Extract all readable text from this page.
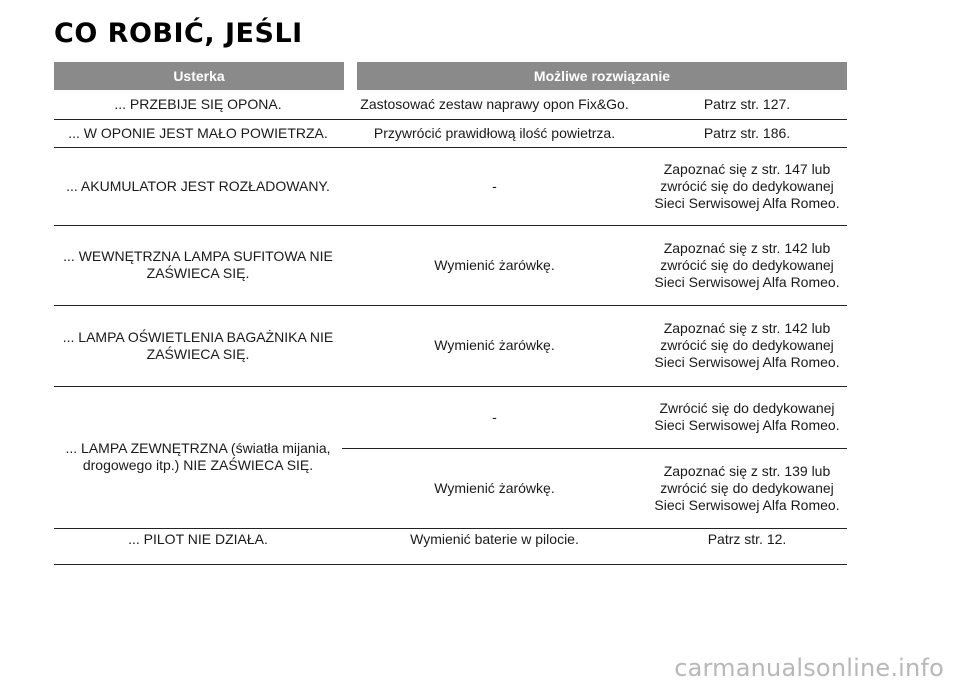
CO ROBIĆ, JEŚLI
Usterka	Możliwe rozwiązanie
... PRZEBIJE SIĘ OPONA.	Zastosować zestaw naprawy opon Fix&Go.	Patrz str. 127.
... W OPONIE JEST MAŁO POWIETRZA.	Przywrócić prawidłową ilość powietrza.	Patrz str. 186.
... AKUMULATOR JEST ROZŁADOWANY.	-	Zapoznać się z str. 147 lub zwrócić się do dedykowanej Sieci Serwisowej Alfa Romeo.
... WEWNĘTRZNA LAMPA SUFITOWA NIE ZAŚWIECA SIĘ.	Wymienić żarówkę.	Zapoznać się z str. 142 lub zwrócić się do dedykowanej Sieci Serwisowej Alfa Romeo.
... LAMPA OŚWIETLENIA BAGAŻNIKA NIE ZAŚWIECA SIĘ.	Wymienić żarówkę.	Zapoznać się z str. 142 lub zwrócić się do dedykowanej Sieci Serwisowej Alfa Romeo.
... LAMPA ZEWNĘTRZNA (światła mijania, drogowego itp.) NIE ZAŚWIECA SIĘ.	-	Zwrócić się do dedykowanej Sieci Serwisowej Alfa Romeo.
	Wymienić żarówkę.	Zapoznać się z str. 139 lub zwrócić się do dedykowanej Sieci Serwisowej Alfa Romeo.
... PILOT NIE DZIAŁA.	Wymienić baterie w pilocie.	Patrz str. 12.
carmanualsonline.info
